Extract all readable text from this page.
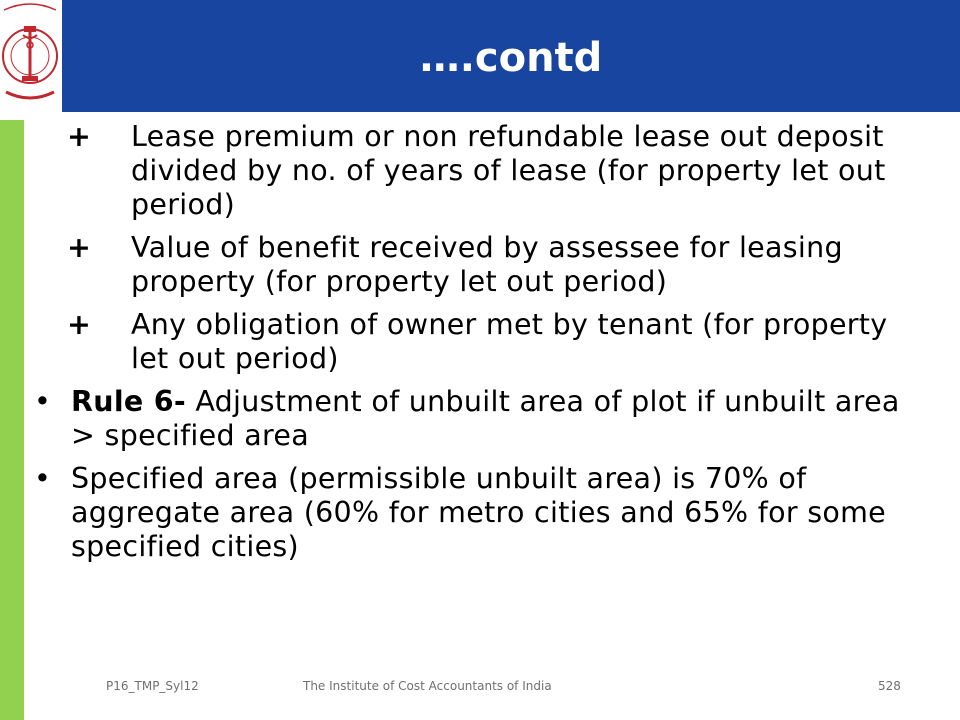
….contd
+ Lease premium or non refundable lease out deposit divided by no. of years of lease (for property let out period)
+ Value of benefit received by assessee for leasing property (for property let out period)
+ Any obligation of owner met by tenant (for property let out period)
• Rule 6- Adjustment of unbuilt area of plot if unbuilt area > specified area
• Specified area (permissible unbuilt area) is 70% of aggregate area (60% for metro cities and 65% for some specified cities)
P16_TMP_Syl12	The Institute of Cost Accountants of India	528
